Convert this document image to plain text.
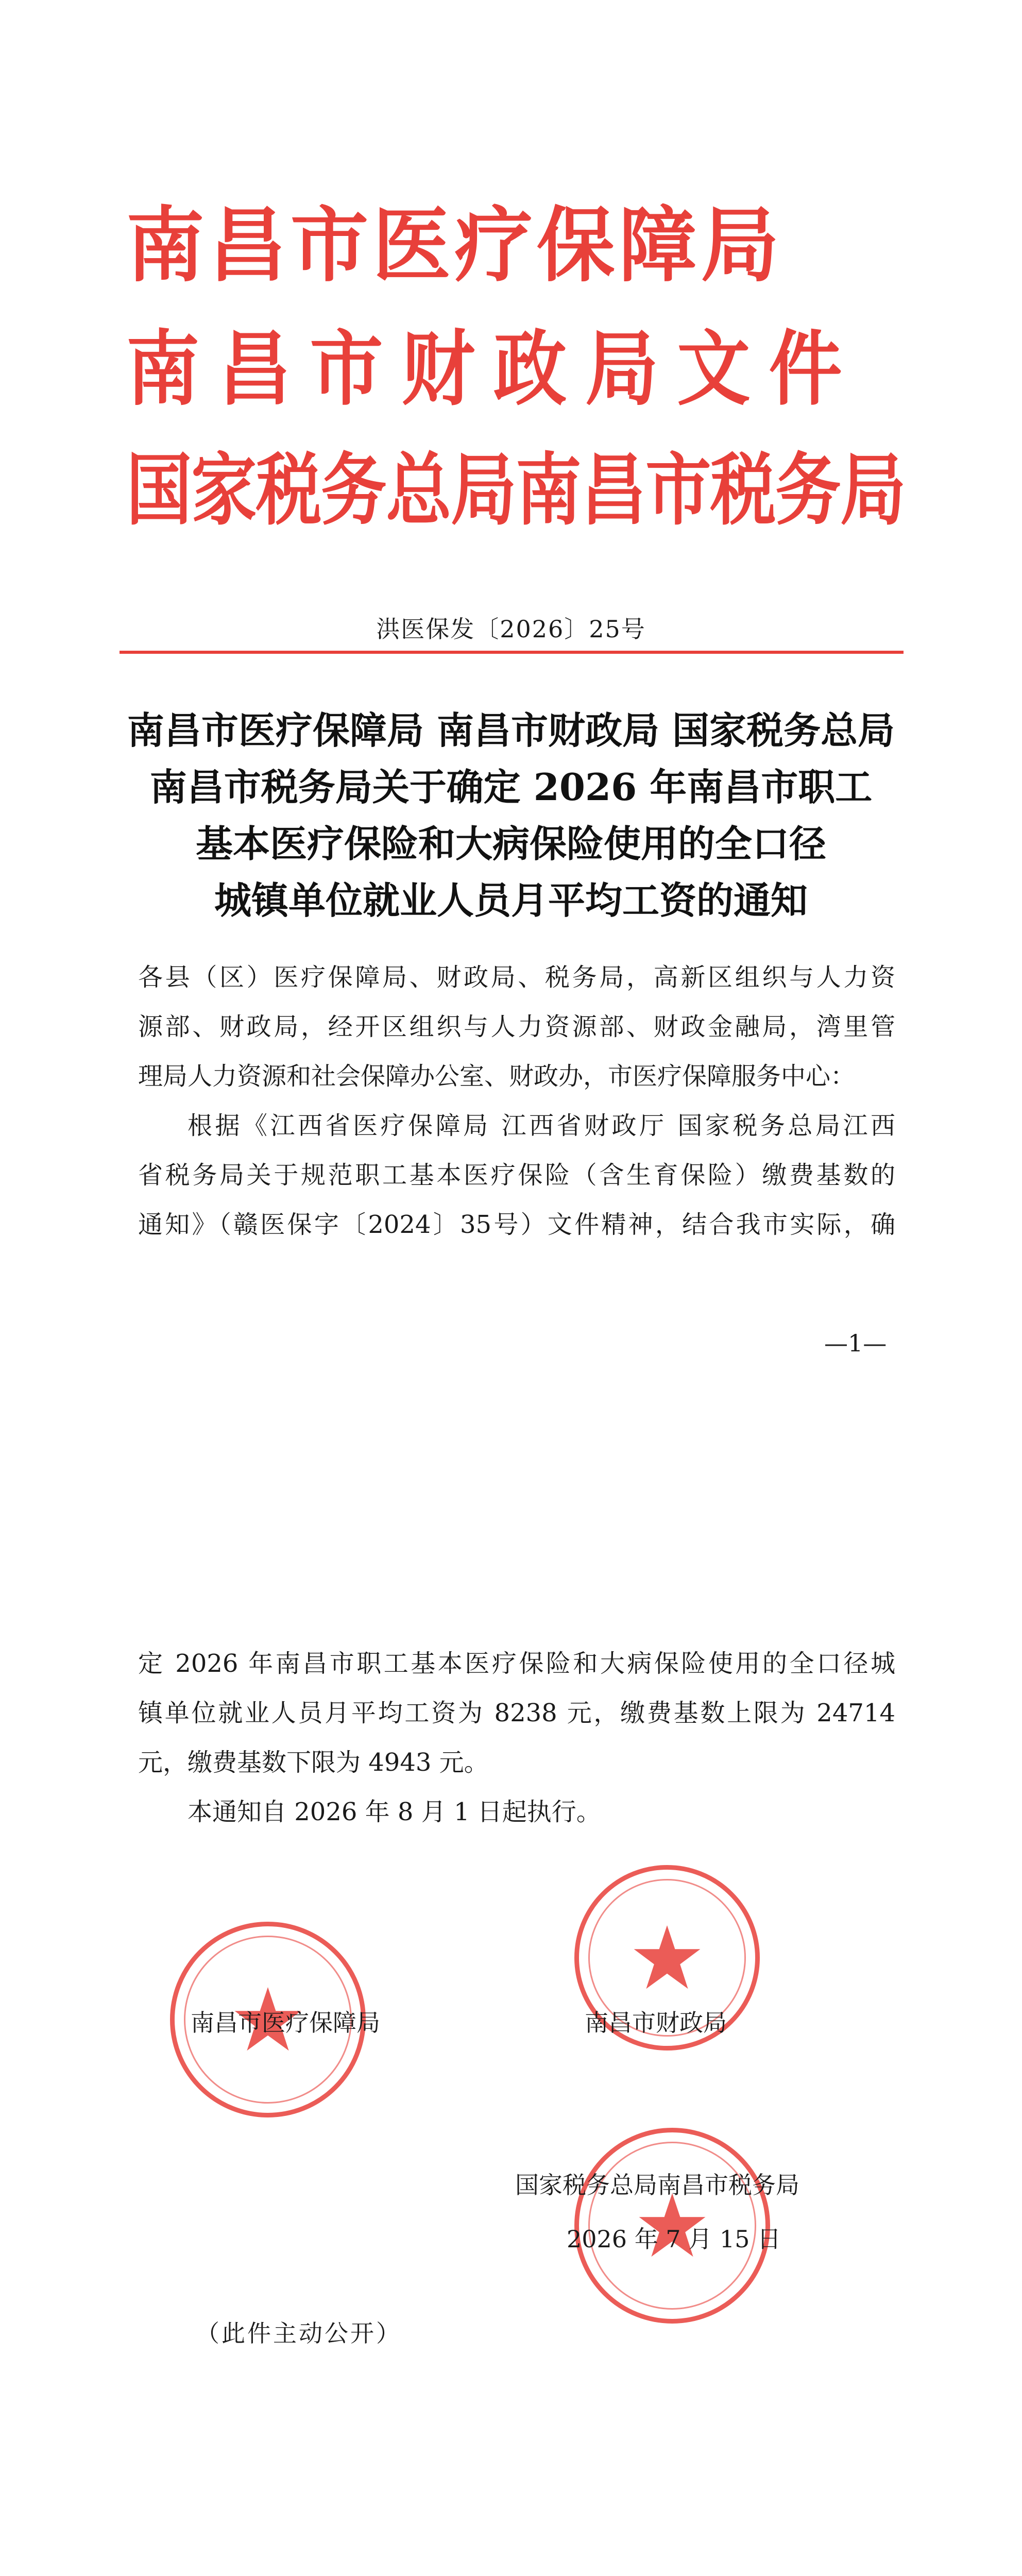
南昌市医疗保障局
南昌市财政局文件
国家税务总局南昌市税务局
洪医保发〔2026〕25号
南昌市医疗保障局 南昌市财政局 国家税务总局
南昌市税务局关于确定 2026 年南昌市职工
基本医疗保险和大病保险使用的全口径
城镇单位就业人员月平均工资的通知
各县（区）医疗保障局、财政局、税务局，高新区组织与人力资
源部、财政局，经开区组织与人力资源部、财政金融局，湾里管
理局人力资源和社会保障办公室、财政办，市医疗保障服务中心：
根据《江西省医疗保障局 江西省财政厅 国家税务总局江西
省税务局关于规范职工基本医疗保险（含生育保险）缴费基数的
通知》（赣医保字〔2024〕35号）文件精神，结合我市实际，确
—1—
定 2026 年南昌市职工基本医疗保险和大病保险使用的全口径城
镇单位就业人员月平均工资为 8238 元，缴费基数上限为 24714
元，缴费基数下限为 4943 元。
本通知自 2026 年 8 月 1 日起执行。
南昌市医疗保障局	南昌市财政局
国家税务总局南昌市税务局
2026 年 7 月 15 日
（此件主动公开）
